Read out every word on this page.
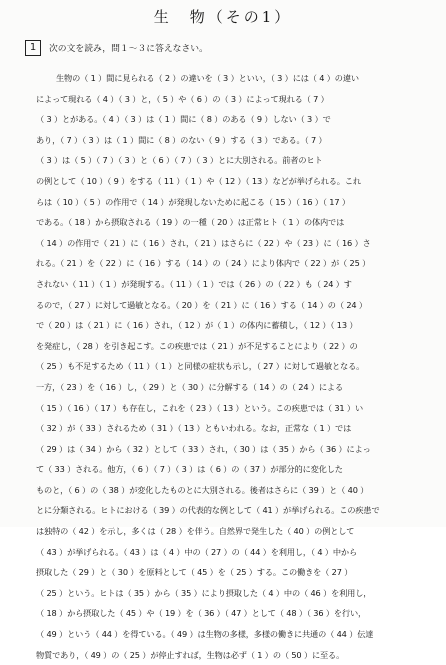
生　物（その1）
1	次の文を読み，問１～３に答えなさい。
生物の（ 1 ）間に見られる（ 2 ）の違いを（ 3 ）といい，（ 3 ）には（ 4 ）の違い
によって現れる（ 4 ）（ 3 ）と，（ 5 ）や（ 6 ）の（ 3 ）によって現れる（ 7 ）
（ 3 ）とがある。（ 4 ）（ 3 ）は（ 1 ）間に（ 8 ）のある（ 9 ）しない（ 3 ）で
あり，（ 7 ）（ 3 ）は（ 1 ）間に（ 8 ）のない（ 9 ）する（ 3 ）である。（ 7 ）
（ 3 ）は（ 5 ）（ 7 ）（ 3 ）と（ 6 ）（ 7 ）（ 3 ）とに大別される。前者のヒト
の例として（ 10 ）（ 9 ）をする（ 11 ）（ 1 ）や（ 12 ）（ 13 ）などが挙げられる。これ
らは（ 10 ）（ 5 ）の作用で（ 14 ）が発現しないために起こる（ 15 ）（ 16 ）（ 17 ）
である。（ 18 ）から摂取される（ 19 ）の一種（ 20 ）は正常ヒト（ 1 ）の体内では
（ 14 ）の作用で（ 21 ）に（ 16 ）され，（ 21 ）はさらに（ 22 ）や（ 23 ）に（ 16 ）さ
れる。（ 21 ）を（ 22 ）に（ 16 ）する（ 14 ）の（ 24 ）により体内で（ 22 ）が（ 25 ）
されない（ 11 ）（ 1 ）が発現する。（ 11 ）（ 1 ）では（ 26 ）の（ 22 ）も（ 24 ）す
るので，（ 27 ）に対して過敏となる。（ 20 ）を（ 21 ）に（ 16 ）する（ 14 ）の（ 24 ）
で（ 20 ）は（ 21 ）に（ 16 ）され，（ 12 ）が（ 1 ）の体内に蓄積し，（ 12 ）（ 13 ）
を発症し，（ 28 ）を引き起こす。この疾患では（ 21 ）が不足することにより（ 22 ）の
（ 25 ）も不足するため（ 11 ）（ 1 ）と同様の症状も示し，（ 27 ）に対して過敏となる。
一方，（ 23 ）を（ 16 ）し，（ 29 ）と（ 30 ）に分解する（ 14 ）の（ 24 ）による
（ 15 ）（ 16 ）（ 17 ）も存在し，これを（ 23 ）（ 13 ）という。この疾患では（ 31 ）い
（ 32 ）が（ 33 ）されるため（ 31 ）（ 13 ）ともいわれる。なお，正常な（ 1 ）では
（ 29 ）は（ 34 ）から（ 32 ）として（ 33 ）され，（ 30 ）は（ 35 ）から（ 36 ）によっ
て（ 33 ）される。他方，（ 6 ）（ 7 ）（ 3 ）は（ 6 ）の（ 37 ）が部分的に変化した
ものと，（ 6 ）の（ 38 ）が変化したものとに大別される。後者はさらに（ 39 ）と（ 40 ）
とに分類される。ヒトにおける（ 39 ）の代表的な例として（ 41 ）が挙げられる。この疾患で
は独特の（ 42 ）を示し，多くは（ 28 ）を伴う。自然界で発生した（ 40 ）の例として
（ 43 ）が挙げられる。（ 43 ）は（ 4 ）中の（ 27 ）の（ 44 ）を利用し，（ 4 ）中から
摂取した（ 29 ）と（ 30 ）を原料として（ 45 ）を（ 25 ）する。この働きを（ 27 ）
（ 25 ）という。ヒトは（ 35 ）から（ 35 ）により摂取した（ 4 ）中の（ 46 ）を利用し，
（ 18 ）から摂取した（ 45 ）や（ 19 ）を（ 36 ）（ 47 ）として（ 48 ）（ 36 ）を行い，
（ 49 ）という（ 44 ）を得ている。（ 49 ）は生物の多様，多様の働きに共通の（ 44 ）伝達
物質であり，（ 49 ）の（ 25 ）が停止すれば，生物は必ず（ 1 ）の（ 50 ）に至る。
